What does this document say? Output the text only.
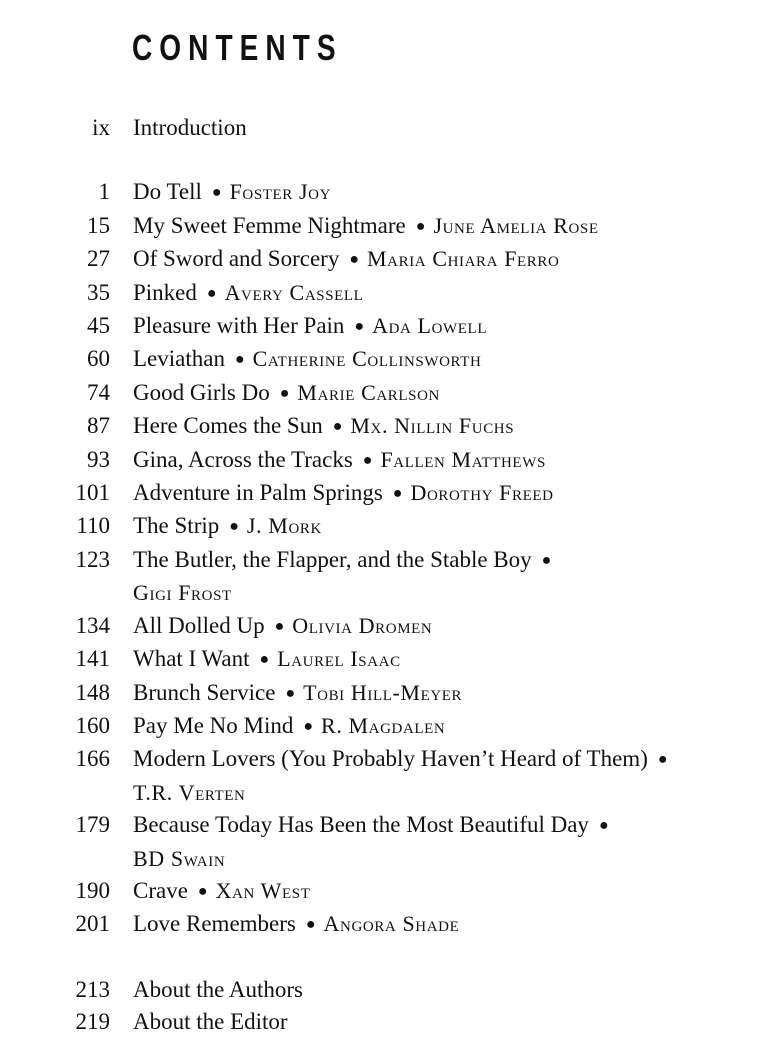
CONTENTS
ix Introduction
1 Do Tell ● Foster Joy
15 My Sweet Femme Nightmare ● June Amelia Rose
27 Of Sword and Sorcery ● Maria Chiara Ferro
35 Pinked ● Avery Cassell
45 Pleasure with Her Pain ● Ada Lowell
60 Leviathan ● Catherine Collinsworth
74 Good Girls Do ● Marie Carlson
87 Here Comes the Sun ● Mx. Nillin Fuchs
93 Gina, Across the Tracks ● Fallen Matthews
101 Adventure in Palm Springs ● Dorothy Freed
110 The Strip ● J. Mork
123 The Butler, the Flapper, and the Stable Boy ●
Gigi Frost
134 All Dolled Up ● Olivia Dromen
141 What I Want ● Laurel Isaac
148 Brunch Service ● Tobi Hill-Meyer
160 Pay Me No Mind ● R. Magdalen
166 Modern Lovers (You Probably Haven’t Heard of Them) ●T.R. Verten
179 Because Today Has Been the Most Beautiful Day ●
BD Swain
190 Crave ● Xan West
201 Love Remembers ● Angora Shade
213 About the Authors
219 About the Editor
